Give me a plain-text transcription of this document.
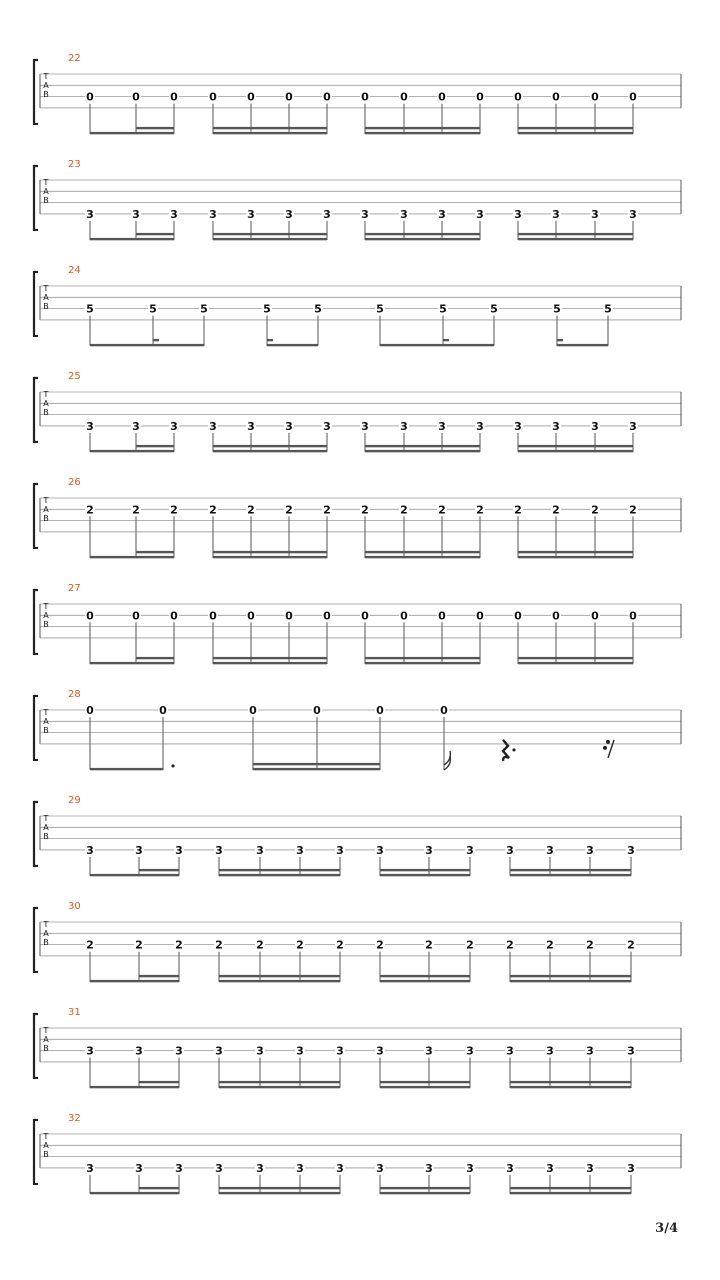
T
A
B
22
0	0	0	0	0	0	0	0	0	0	0	0	0	0	0
T
A
B
23
3	3	3	3	3	3	3	3	3	3	3	3	3	3	3
T
A
B
24
5	5	5	5	5	5	5	5	5	5
T
A
B
25
3	3	3	3	3	3	3	3	3	3	3	3	3	3	3
T
A
B
26
2	2	2	2	2	2	2	2	2	2	2	2	2	2	2
T
A
B
27
0	0	0	0	0	0	0	0	0	0	0	0	0	0	0
T
A
B
28
0	0	0	0	0	0
T
A
B
29
3	3	3	3	3	3	3	3	3	3	3	3	3	3
T
A
B
30
2	2	2	2	2	2	2	2	2	2	2	2	2	2
T
A
B
31
3	3	3	3	3	3	3	3	3	3	3	3	3	3
T
A
B
32
3	3	3	3	3	3	3	3	3	3	3	3	3	3
3/4
